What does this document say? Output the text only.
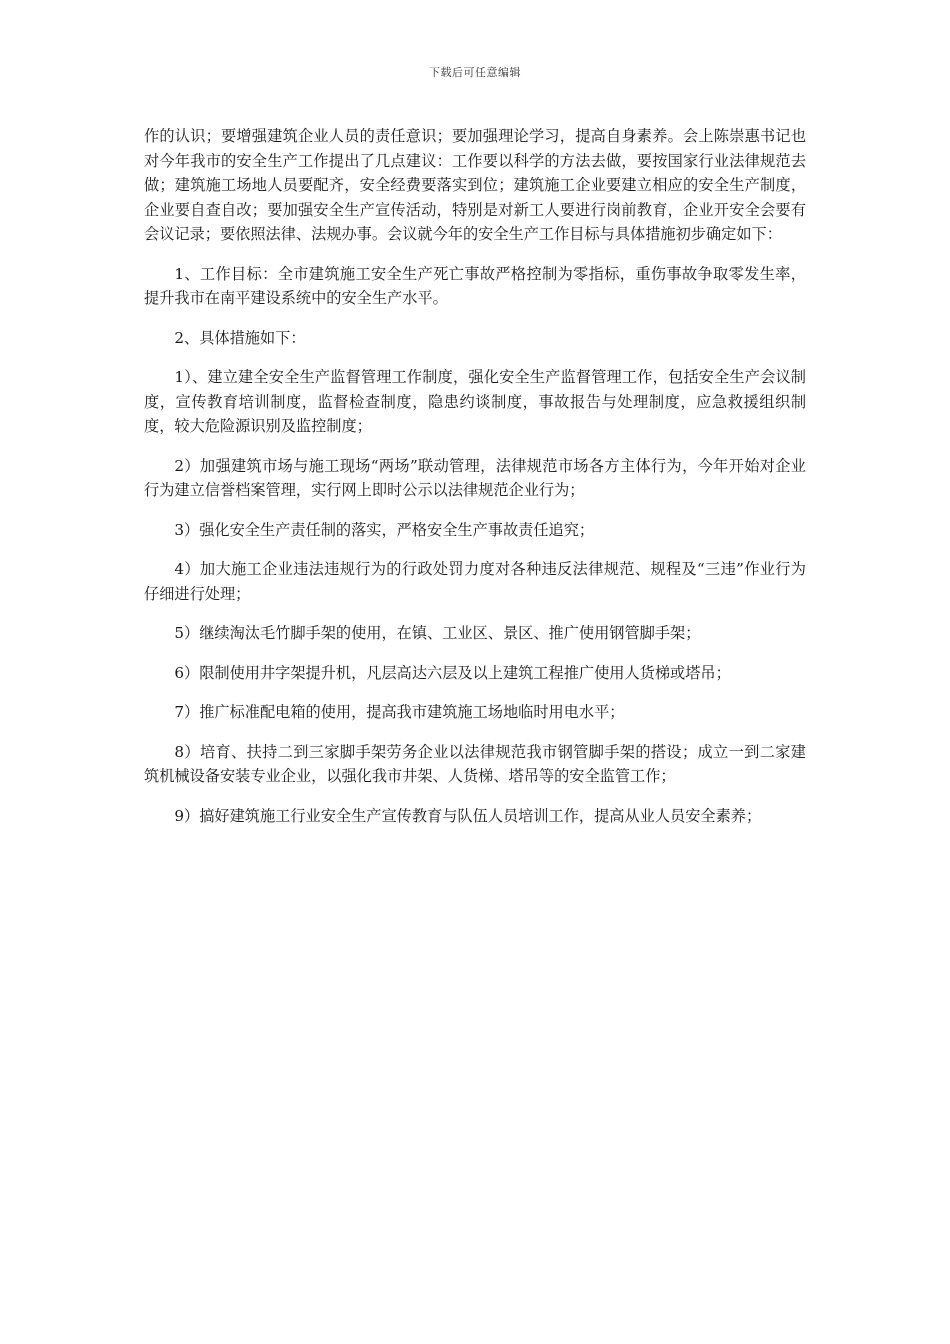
下载后可任意编辑

作的认识；要增强建筑企业人员的责任意识；要加强理论学习，提高自身素养。会上陈崇惠书记也对今年我市的安全生产工作提出了几点建议：工作要以科学的方法去做，要按国家行业法律规范去做；建筑施工场地人员要配齐，安全经费要落实到位；建筑施工企业要建立相应的安全生产制度，企业要自查自改；要加强安全生产宣传活动，特别是对新工人要进行岗前教育，企业开安全会要有会议记录；要依照法律、法规办事。会议就今年的安全生产工作目标与具体措施初步确定如下：

1、工作目标：全市建筑施工安全生产死亡事故严格控制为零指标，重伤事故争取零发生率，提升我市在南平建设系统中的安全生产水平。

2、具体措施如下：

1）、建立建全安全生产监督管理工作制度，强化安全生产监督管理工作，包括安全生产会议制度，宣传教育培训制度，监督检查制度，隐患约谈制度，事故报告与处理制度，应急救援组织制度，较大危险源识别及监控制度；

2）加强建筑市场与施工现场“两场”联动管理，法律规范市场各方主体行为，今年开始对企业行为建立信誉档案管理，实行网上即时公示以法律规范企业行为；

3）强化安全生产责任制的落实，严格安全生产事故责任追究；

4）加大施工企业违法违规行为的行政处罚力度对各种违反法律规范、规程及“三违”作业行为仔细进行处理；

5）继续淘汰毛竹脚手架的使用，在镇、工业区、景区、推广使用钢管脚手架；

6）限制使用井字架提升机，凡层高达六层及以上建筑工程推广使用人货梯或塔吊；

7）推广标准配电箱的使用，提高我市建筑施工场地临时用电水平；

8）培育、扶持二到三家脚手架劳务企业以法律规范我市钢管脚手架的搭设；成立一到二家建筑机械设备安装专业企业，以强化我市井架、人货梯、塔吊等的安全监管工作；

9）搞好建筑施工行业安全生产宣传教育与队伍人员培训工作，提高从业人员安全素养；
